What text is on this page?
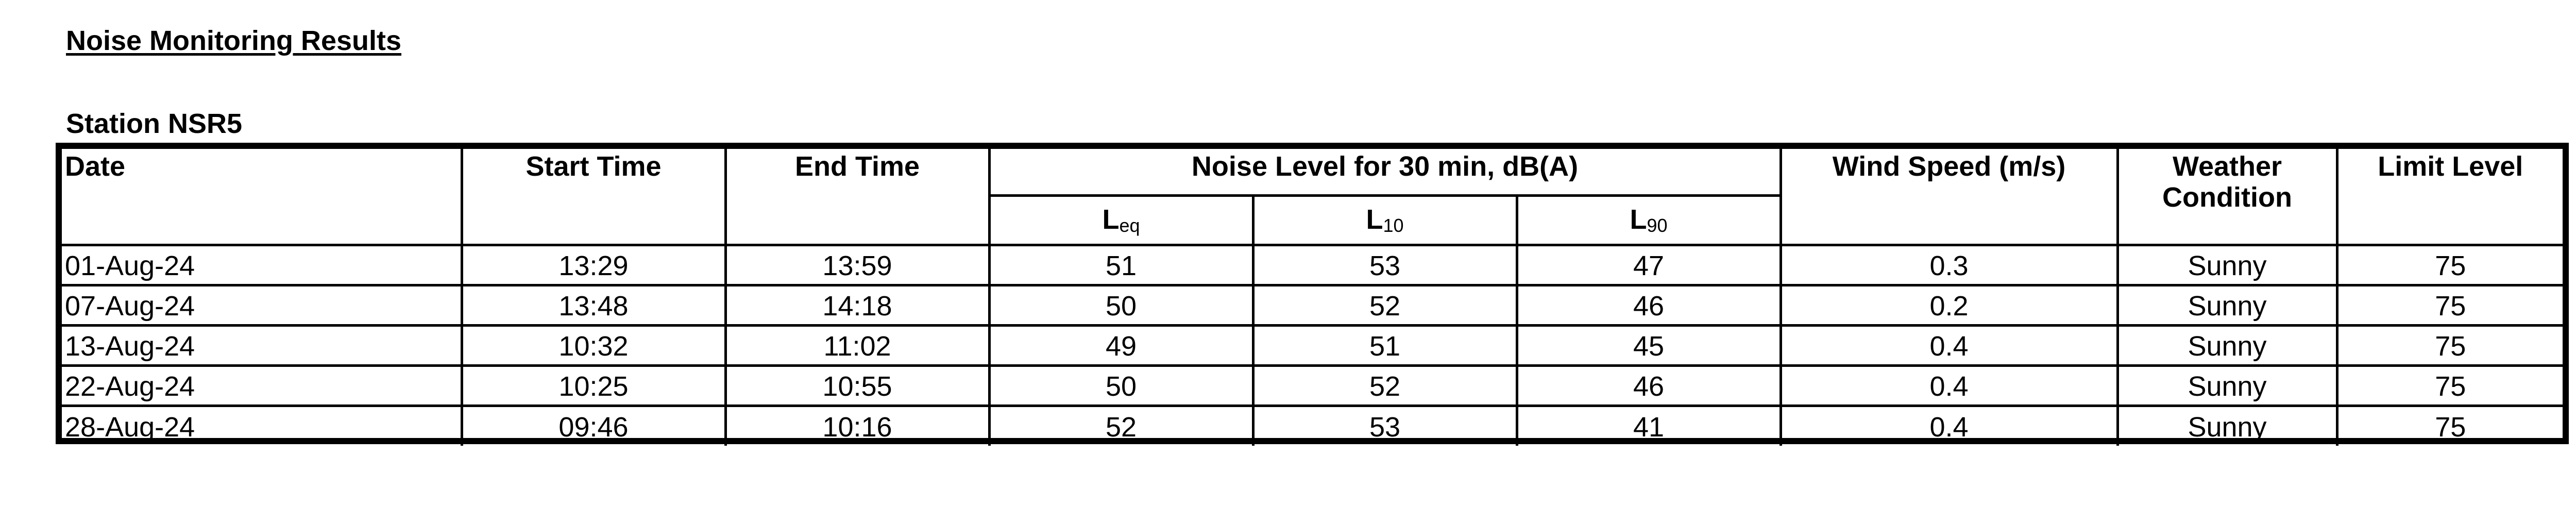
Noise Monitoring Results
Station NSR5
Date	Start Time	End Time	Noise Level for 30 min, dB(A)			Wind Speed (m/s)	Weather Condition	Limit Level
			$L_{eq}$	$L_{10}$	$L_{90}$
01-Aug-24	13:29	13:59	51	53	47	0.3	Sunny	75
07-Aug-24	13:48	14:18	50	52	46	0.2	Sunny	75
13-Aug-24	10:32	11:02	49	51	45	0.4	Sunny	75
22-Aug-24	10:25	10:55	50	52	46	0.4	Sunny	75
28-Aug-24	09:46	10:16	52	53	41	0.4	Sunny	75
